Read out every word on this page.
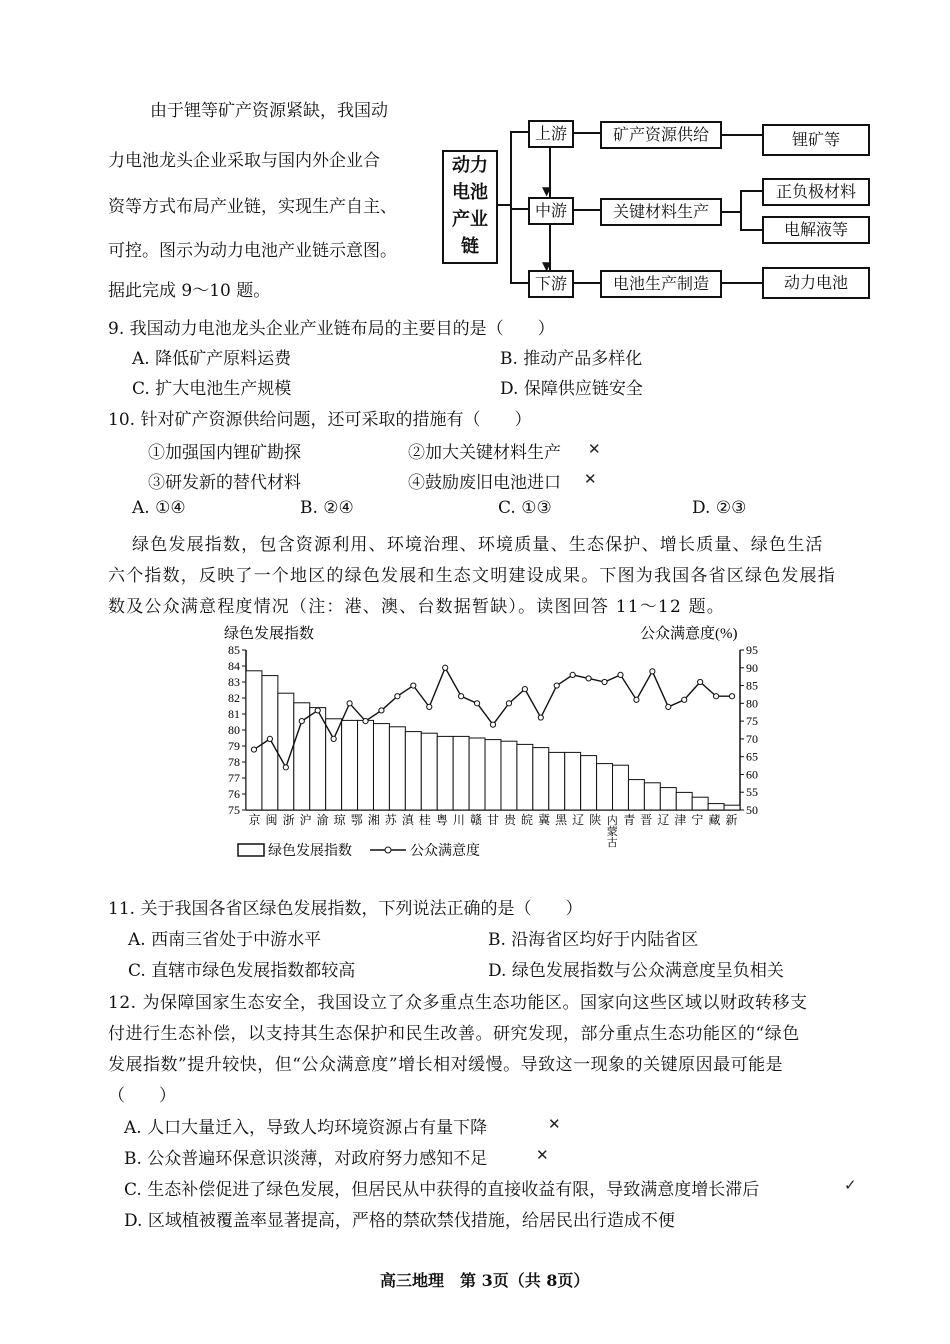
由于锂等矿产资源紧缺，我国动
力电池龙头企业采取与国内外企业合
资等方式布局产业链，实现生产自主、
可控。图示为动力电池产业链示意图。
据此完成 9～10 题。
动力电池产业链
上游
中游
下游
▼
▼
矿产资源供给
关键材料生产
电池生产制造
锂矿等
正负极材料
电解液等
动力电池
9. 我国动力电池龙头企业产业链布局的主要目的是（　　）
A. 降低矿产原料运费	B. 推动产品多样化
C. 扩大电池生产规模	D. 保障供应链安全
10. 针对矿产资源供给问题，还可采取的措施有（　　）
①加强国内锂矿勘探	②加大关键材料生产
③研发新的替代材料	④鼓励废旧电池进口
A. ①④	B. ②④	C. ①③	D. ②③
✕
✕
绿色发展指数，包含资源利用、环境治理、环境质量、生态保护、增长质量、绿色生活
六个指数，反映了一个地区的绿色发展和生态文明建设成果。下图为我国各省区绿色发展指
数及公众满意程度情况（注：港、澳、台数据暂缺）。读图回答 11～12 题。
绿色发展指数	公众满意度(%)
75
76
77
78
79
80
81
82
83
84
85
50
55
60
65
70
75
80
85
90
95
京 闽 浙 沪 渝 琼 鄂 湘 苏 滇 桂 粤 川 赣 甘 贵 皖 冀 黑 辽 陕 内
蒙
古
青 晋 辽 津 宁 藏 新
绿色发展指数	公众满意度
11. 关于我国各省区绿色发展指数，下列说法正确的是（　　）
A. 西南三省处于中游水平	B. 沿海省区均好于内陆省区
C. 直辖市绿色发展指数都较高	D. 绿色发展指数与公众满意度呈负相关
12. 为保障国家生态安全，我国设立了众多重点生态功能区。国家向这些区域以财政转移支
付进行生态补偿，以支持其生态保护和民生改善。研究发现，部分重点生态功能区的“绿色
发展指数”提升较快，但“公众满意度”增长相对缓慢。导致这一现象的关键原因最可能是
（　　）
A. 人口大量迁入，导致人均环境资源占有量下降
B. 公众普遍环保意识淡薄，对政府努力感知不足
C. 生态补偿促进了绿色发展，但居民从中获得的直接收益有限，导致满意度增长滞后
D. 区域植被覆盖率显著提高，严格的禁砍禁伐措施，给居民出行造成不便
✕
✕
✓
高三地理　第 3页（共 8页）
